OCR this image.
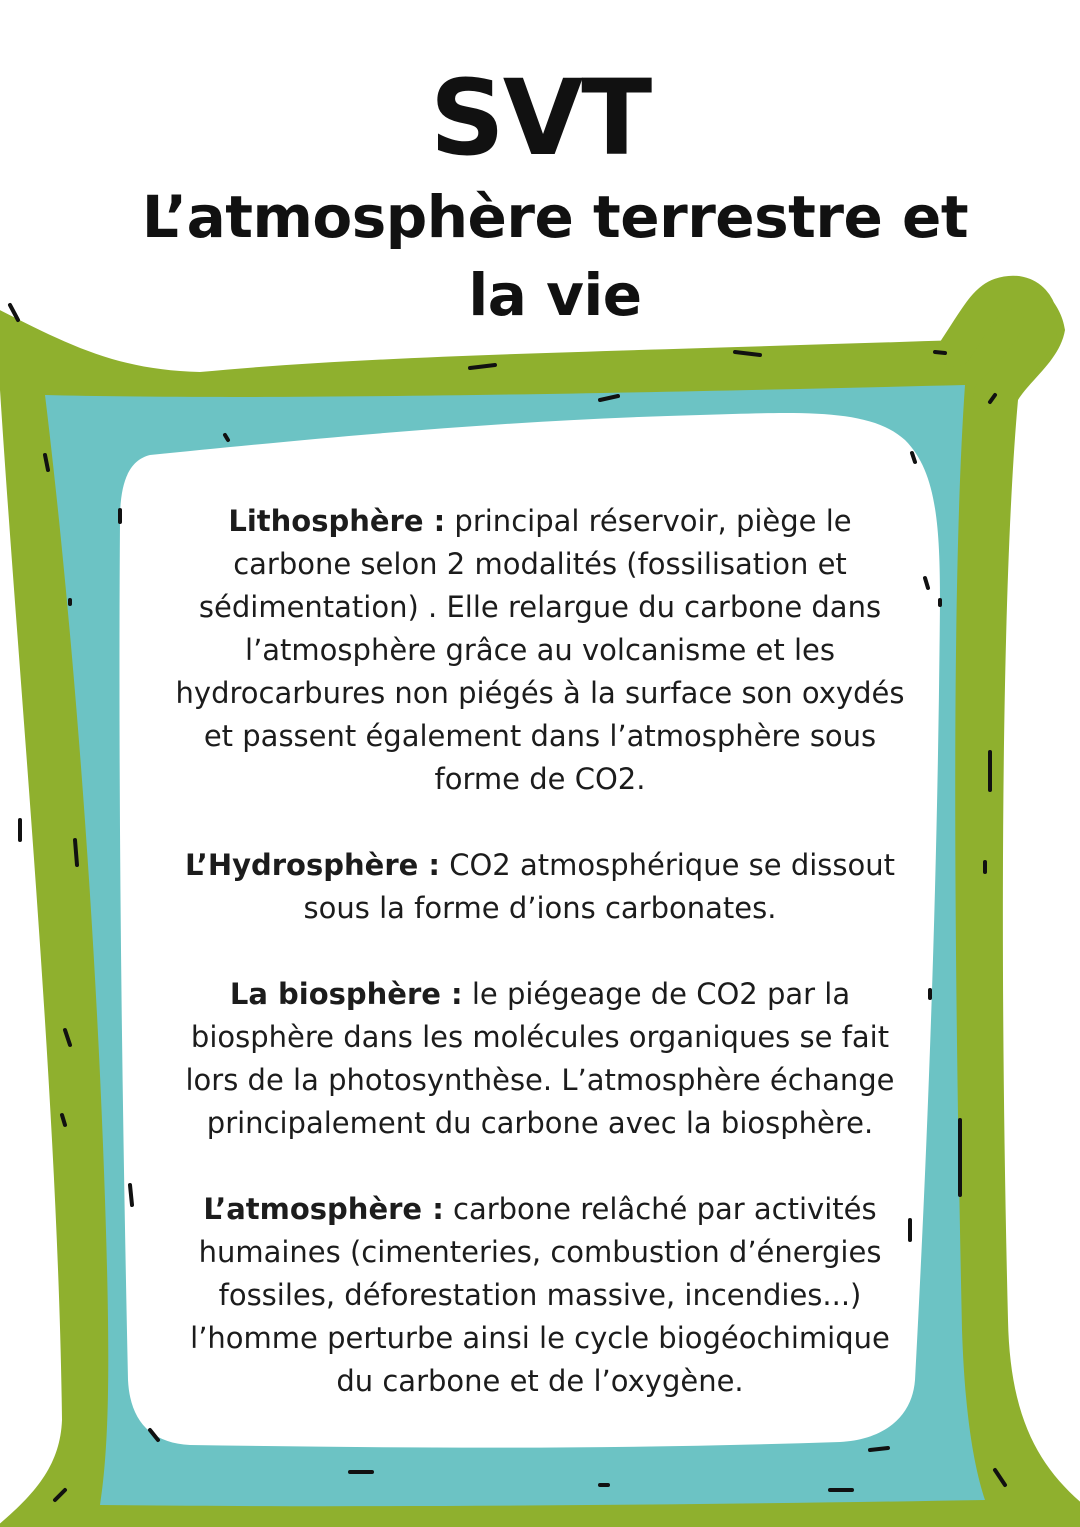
SVT
L’atmosphère terrestre et la vie

Lithosphère : principal réservoir, piège le carbone selon 2 modalités (fossilisation et sédimentation) . Elle relargue du carbone dans l’atmosphère grâce au volcanisme et les hydrocarbures non piégés à la surface son oxydés et passent également dans l’atmosphère sous forme de CO2.

L’Hydrosphère : CO2 atmosphérique se dissout sous la forme d’ions carbonates.

La biosphère : le piégeage de CO2 par la biosphère dans les molécules organiques se fait lors de la photosynthèse. L’atmosphère échange principalement du carbone avec la biosphère.

L’atmosphère : carbone relâché par activités humaines (cimenteries, combustion d’énergies fossiles, déforestation massive, incendies...) l’homme perturbe ainsi le cycle biogéochimique du carbone et de l’oxygène.
